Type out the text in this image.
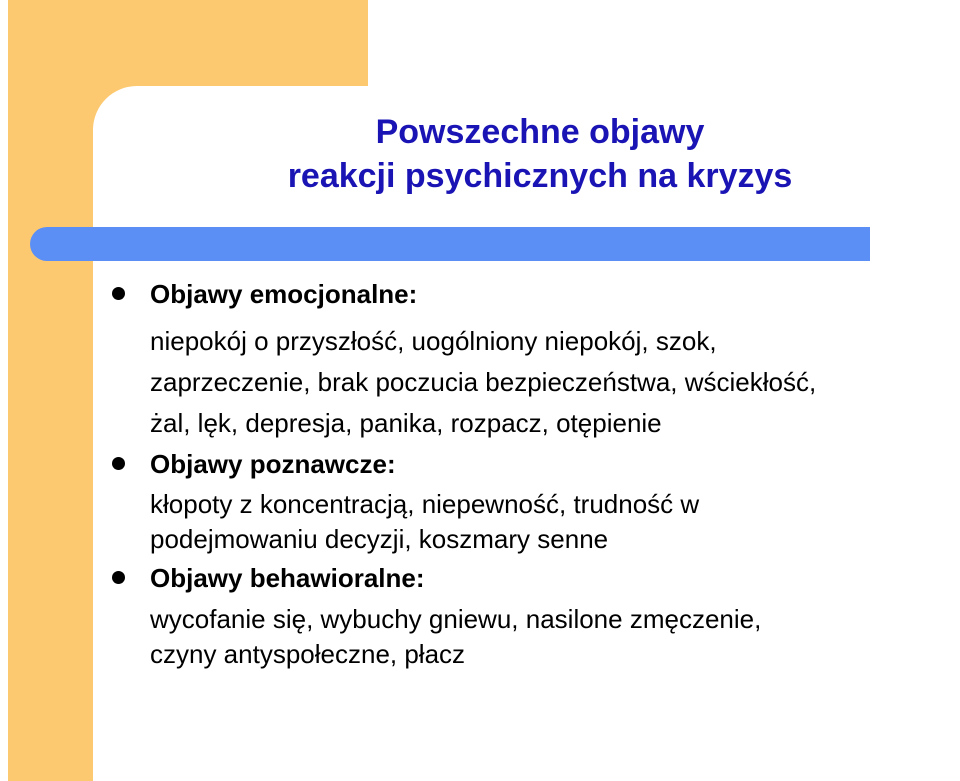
Powszechne objawy
reakcji psychicznych na kryzys
Objawy emocjonalne:
niepokój o przyszłość, uogólniony niepokój, szok,
zaprzeczenie, brak poczucia bezpieczeństwa, wściekłość,
żal, lęk, depresja, panika, rozpacz, otępienie
Objawy poznawcze:
kłopoty z koncentracją, niepewność, trudność w
podejmowaniu decyzji, koszmary senne
Objawy behawioralne:
wycofanie się, wybuchy gniewu, nasilone zmęczenie,
czyny antyspołeczne, płacz
